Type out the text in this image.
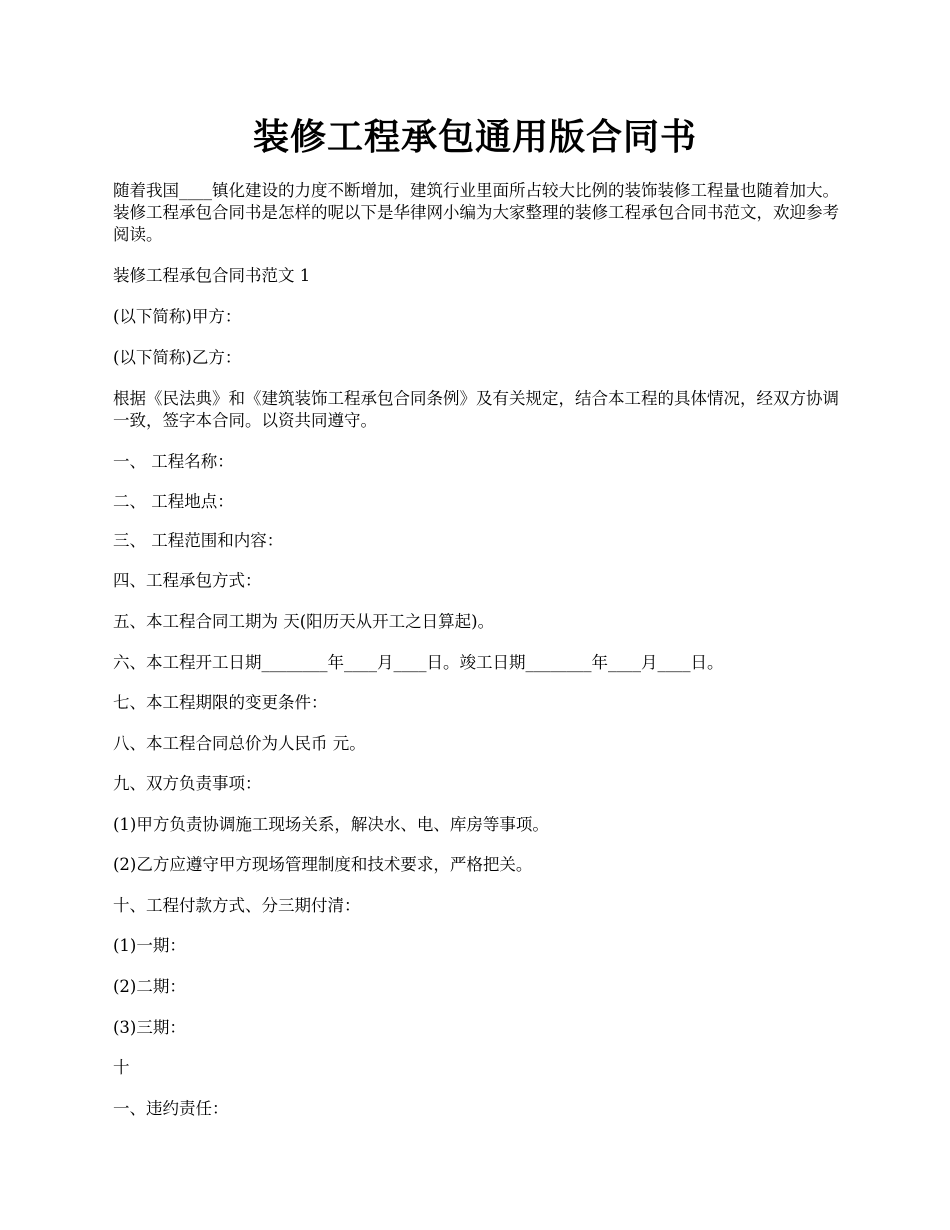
装修工程承包通用版合同书
随着我国____镇化建设的力度不断增加，建筑行业里面所占较大比例的装饰装修工程量也随着加大。装修工程承包合同书是怎样的呢以下是华律网小编为大家整理的装修工程承包合同书范文，欢迎参考阅读。
装修工程承包合同书范文 1
(以下简称)甲方：
(以下简称)乙方：
根据《民法典》和《建筑装饰工程承包合同条例》及有关规定，结合本工程的具体情况，经双方协调一致，签字本合同。以资共同遵守。
一、 工程名称：
二、 工程地点：
三、 工程范围和内容：
四、工程承包方式：
五、本工程合同工期为 天(阳历天从开工之日算起)。
六、本工程开工日期________年____月____日。竣工日期________年____月____日。
七、本工程期限的变更条件：
八、本工程合同总价为人民币 元。
九、双方负责事项：
(1)甲方负责协调施工现场关系，解决水、电、库房等事项。
(2)乙方应遵守甲方现场管理制度和技术要求，严格把关。
十、工程付款方式、分三期付清：
(1)一期：
(2)二期：
(3)三期：
十
一、违约责任：
